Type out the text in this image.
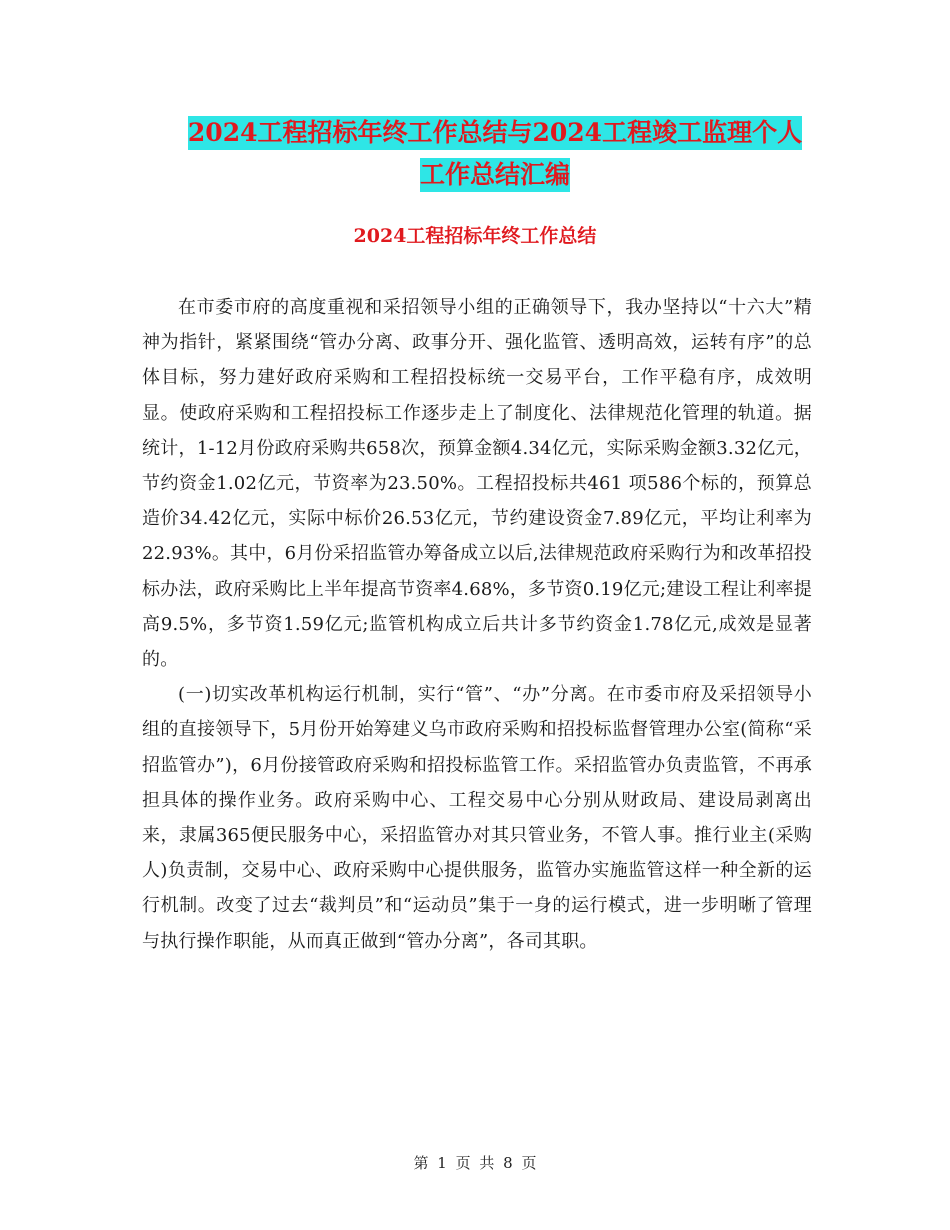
2024工程招标年终工作总结与2024工程竣工监理个人
工作总结汇编
2024工程招标年终工作总结

在市委市府的高度重视和采招领导小组的正确领导下，我办坚持以“十六大”精神为指针，紧紧围绕“管办分离、政事分开、强化监管、透明高效，运转有序”的总体目标，努力建好政府采购和工程招投标统一交易平台，工作平稳有序，成效明显。使政府采购和工程招投标工作逐步走上了制度化、法律规范化管理的轨道。据统计，1-12月份政府采购共658次，预算金额4.34亿元，实际采购金额3.32亿元，节约资金1.02亿元，节资率为23.50%。工程招投标共461 项586个标的，预算总造价34.42亿元，实际中标价26.53亿元，节约建设资金7.89亿元，平均让利率为22.93%。其中，6月份采招监管办筹备成立以后,法律规范政府采购行为和改革招投标办法，政府采购比上半年提高节资率4.68%，多节资0.19亿元;建设工程让利率提高9.5%，多节资1.59亿元;监管机构成立后共计多节约资金1.78亿元,成效是显著的。

(一)切实改革机构运行机制，实行“管”、“办”分离。在市委市府及采招领导小组的直接领导下，5月份开始筹建义乌市政府采购和招投标监督管理办公室(简称“采招监管办”)，6月份接管政府采购和招投标监管工作。采招监管办负责监管，不再承担具体的操作业务。政府采购中心、工程交易中心分别从财政局、建设局剥离出来，隶属365便民服务中心，采招监管办对其只管业务，不管人事。推行业主(采购人)负责制，交易中心、政府采购中心提供服务，监管办实施监管这样一种全新的运行机制。改变了过去“裁判员”和“运动员”集于一身的运行模式，进一步明晰了管理与执行操作职能，从而真正做到“管办分离”，各司其职。

第 1 页 共 8 页
